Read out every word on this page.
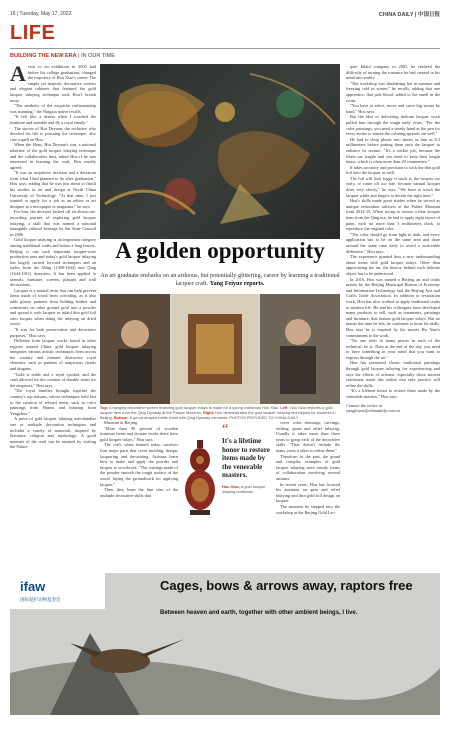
16 | Tuesday, May 17, 2022	CHINA DAILY | 中国日报
LIFE
BUILDING THE NEW ERA | IN OUR TIME
A visit to an exhibition in 2005 had before his college graduation, changed the trajectory of Hou Xiao's career. The simple yet majestic decorative screens and elegant cabinets that featured the gold lacquer inlaying technique took Hou's breath away.

"The aesthetic of the exquisite craftsmanship was stunning," the Ningxia native recalls.

"It felt like a dream when I touched the furniture and stumble and fly a royal family."

The stories of Hui Deyuan, the reclusive who devoted his life to pursuing the technique, also cast a spell on Hou.

When the Hans, Hui Deyuan's son, a national inheritor of the gold lacquer inlaying technique and the collaborators host, asked Hou if he was interested in learning the craft, Hou readily agreed.

"It was an impulsive decision and a deviation from what I had planned to do after graduation," Hou says, adding that he was just about to finish his studies in art and design at North China University of Technology. "At that time, I just wanted to apply for a job as an editor or art designer at a newspaper or magazine," he says.

For him, the decision kicked off an almost art-recording journey of exploring gold lacquer inlaying, a skill that was named a national intangible cultural heritage by the State Council in 2006.

Gold lacquer inlaying is an important category among traditional crafts and boasts a long history. Beijing is one such important lacquer-ware production area and today's gold lacquer inlaying has largely carried forward techniques and an styles from the Ming (1368-1644) and Qing (1644-1911) dynasties. It has been applied to utensils, furniture, screens, plaques and wall decorations.

Lacquer is a natural resin that can help prevent items made of wood from corroding, as it also adds glossy patterns from holding leather and sometimes on other ground gold into a powder and spread it with lacquer or inlaid thin gold foil onto lacquer when doing the inlaying on dried wood.

"It was for both preservation and decorative purposes," Hou says.

Different from lacquer works found in other regions around China, gold lacquer inlaying integrates various artistic techniques from across the country and features distinctive royal elements, such as patterns of auspicious clouds and dragons.

"Gold is noble and a royal symbol, and the craft allowed for the creation of durable items for the emperors," Hou says.

"The royal families brought together the country's top artisans, whose techniques held fast to the creation of refined items, such as color paintings from Shanxi and Inlaying from Yangzhou."

A piece of gold lacquer inlaying merchandise one or multiple decoration techniques and includes a variety of materials, inspired by literature, religion and mythology. A good measure of the craft can be attained by visiting the Palace

A golden opportunity
An art graduate embarks on an arduous, but potentially glittering, career by learning a traditional lacquer craft. Yang Feiyue reports.
Top: A hanging decorative screen featuring gold lacquer inlays is made for a young craftsman Hou Xiao. Left: Hou Xiao restores a gold lacquer item from the Qing Dynasty at the Palace Museum. Right: Hou demonstrates the gold lacquer inlaying techniques for students in Beijing. Bottom: A gourd-shaped bottle inlaid with Qing Dynasty elements. PHOTOS PROVIDED TO CHINA DAILY

Museum in Beijing.

"More than 90 percent of wooden furniture items and lacquer works there have gold lacquer inlays," Hou says.

The craft, when learned today, involves four major parts that cover molding, design, lacquering and decorating. Artisans learn how to make and apply the powder and lacquer to woodwork. "The coatings made of the powder smooth the rough surface of the wood, laying the groundwork for applying lacquer."

Then, they learn the fine rites of the multiple decorative skills that

“
It's a lifetime honor to restore items made by the venerable masters.
Hou Xiao, a gold lacquer inlaying craftsman

cover color drawings, carvings, etching, gems and relief inlaying. Usually it takes more than three years to grasp each of the decorative skills. "That doesn't include the many years it takes to refine them."

Therefore, in the past, the grand and complex examples of gold lacquer inlaying were mostly forms of collaboration involving several artisans.

In recent years, Hou has focused his attention on gem and relief inlaying and thin gold foil design on lacquer.

The moment he stepped into the workshop at the Beijing Gold Lac-

quer Inlaid company in 2005, he realized the difficulty of turning the romance he had created in his mind into reality.

"The workshop was shuddering hot in summer and freezing cold in winter," he recalls, adding that one apprentice, that pale blood, added to the smell in the room.

"You have to select, move and carve big stones by hand," Hou says.

But the idea of delivering delicate lacquer work pulled him through the tough early years. "For the color paintings, you need a steady hand as the pen for every stroke to ensure the coloring spreads out well."

He had to chop plastic into sheets as thin as 0.3 millimeters before putting them onto the lacquer to enhance its texture. "It's a stickie job, because the fibers are fragile and you need to keep their length intact, which is often more than 20 centimeters."

It takes accuracy and precision to stick the thin gold foil onto the lacquer as well.

The foil will look foggy if stuck to the lacquer too early, or come off too late, because natural lacquer dries very slowly," he says. "We have to touch the lacquer while and fingers to decide the right time."

Hou's skills made great strides when he served as antique restoration advisers at the Palace Museum from 2014-15. When trying to restore a blue lacquer item from the Qing era, he had to apply eight layers of paint, each no more than 3 millimeters thick, to reproduce the original color.

"The color should go from light to dark, and every application has to be on the same area and done around the same time daily to avoid a noticeable difference," Hou says.

The experience granted him a new understanding about items with gold lacquer inlays. Other than appreciating the art, the history behind each delicate object has to be understood.

In 2016, Hou was named a Beijing art and crafts master by the Beijing Municipal Bureau of Economy and Information Technology and the Beijing Arts and Crafts Trade Association. In addition to restoration work, Hou has also worked to apply traditional crafts to modern life. He and his colleagues have developed many products to sell, such as ornaments, paintings and furniture, that feature gold lacquer inlays. But no matter the time he lets, he continues to hone his skills. Hou says he is inspired by his master Hu Xiao's commitment to the work.

"No one refer to many pieces in each of the technical, he is. Then at the end of the day, you need to have something in your mind that you want to express through the art."

Hou has presented classic traditional paintings through gold lacquer inlaying for experiencing and says the efforts of artisans, especially those ancient craftsmen, made this realize that only practice will refine the skills.

"It's a lifetime honor to restore these made by the venerable masters," Hou says.

Contact the writer at

yangfeiyue@chinadaily.com.cn

ifaw
国际爱护动物基金会
Cages, bows & arrows away, raptors free
Between heaven and earth, together with other ambient beings, I live.
